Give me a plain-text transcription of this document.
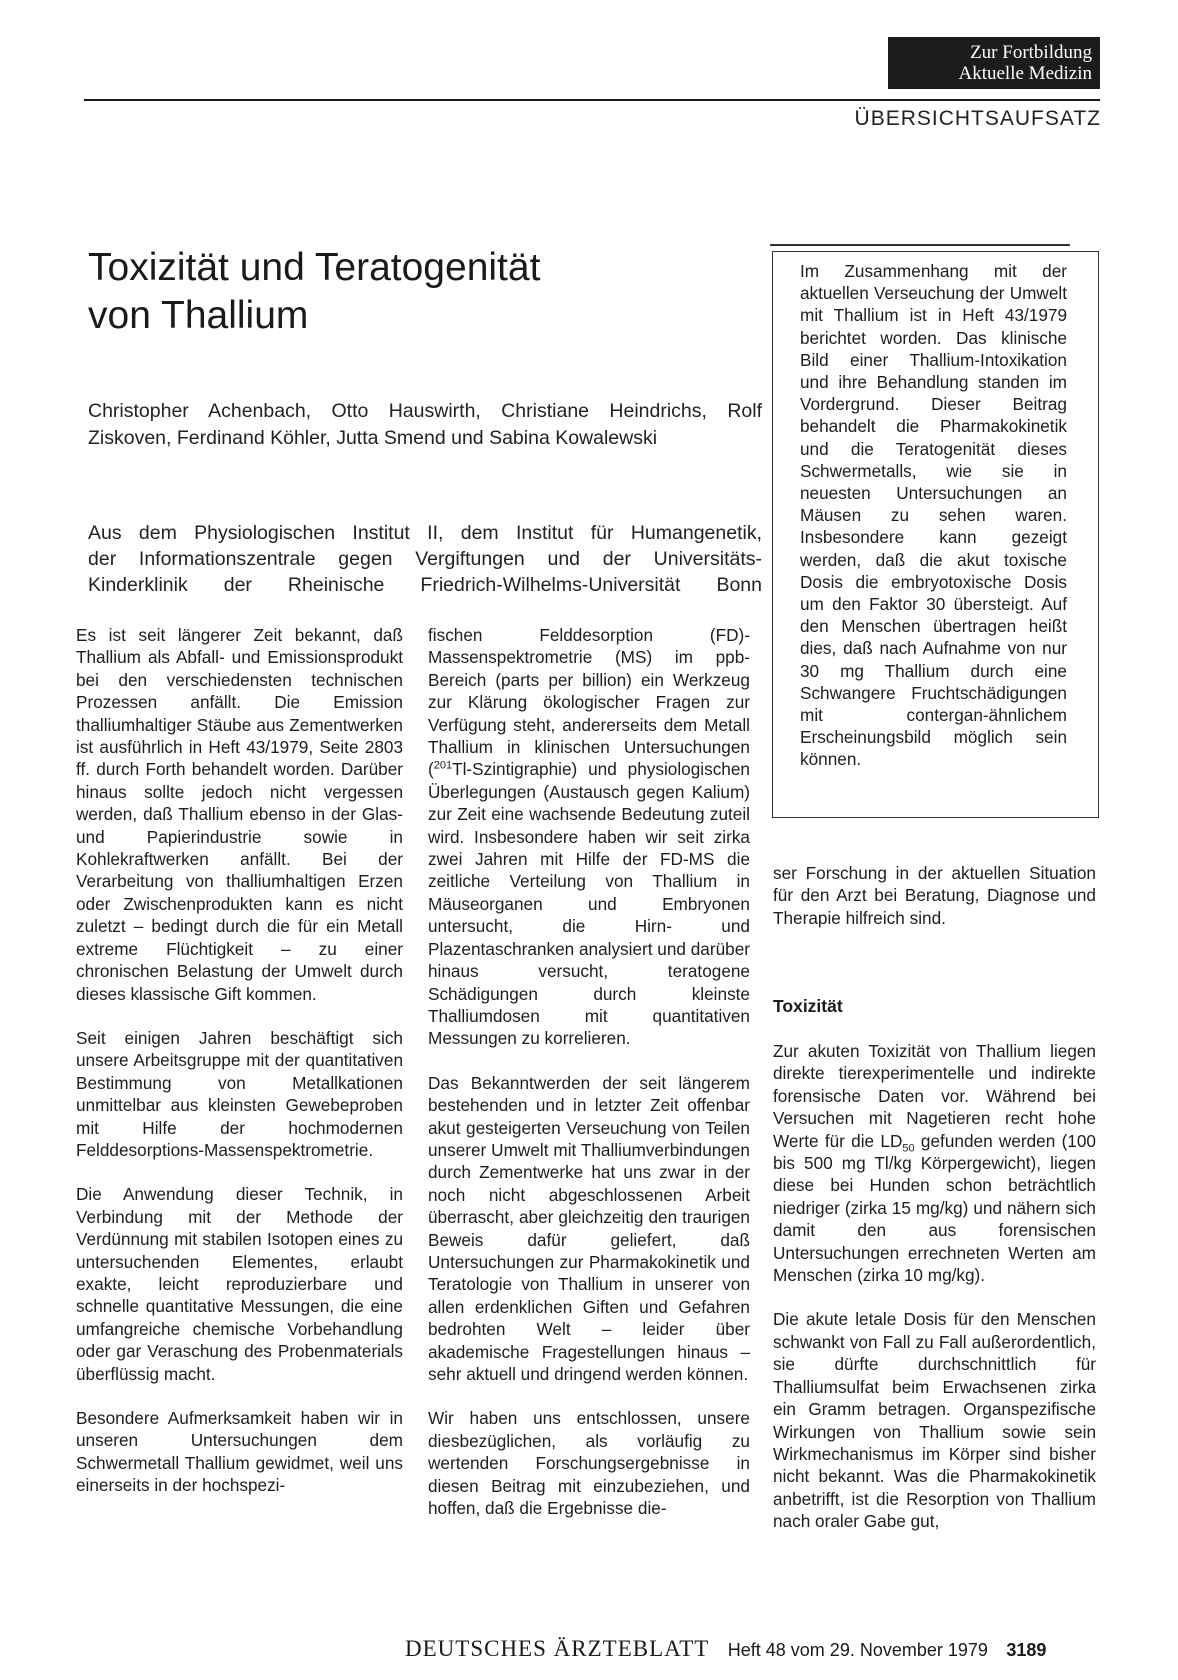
Zur Fortbildung
Aktuelle Medizin
ÜBERSICHTSAUFSATZ
Toxizität und Teratogenität
von Thallium
Christopher Achenbach, Otto Hauswirth, Christiane Heindrichs, Rolf
Ziskoven, Ferdinand Köhler, Jutta Smend und Sabina Kowalewski
Aus dem Physiologischen Institut II, dem Institut für Humangenetik,
der Informationszentrale gegen Vergiftungen und der Universitäts-
Kinderklinik der Rheinische Friedrich-Wilhelms-Universität Bonn
Im Zusammenhang mit der aktuellen Verseuchung der Umwelt mit Thallium ist in Heft 43/1979 berichtet worden. Das klinische Bild einer Thallium-Intoxikation und ihre Behandlung standen im Vordergrund. Dieser Beitrag behandelt die Pharmakokinetik und die Teratogenität dieses Schwermetalls, wie sie in neuesten Untersuchungen an Mäusen zu sehen waren. Insbesondere kann gezeigt werden, daß die akut toxische Dosis die embryotoxische Dosis um den Faktor 30 übersteigt. Auf den Menschen übertragen heißt dies, daß nach Aufnahme von nur 30 mg Thallium durch eine Schwangere Fruchtschädigungen mit contergan-ähnlichem Erscheinungsbild möglich sein können.

Es ist seit längerer Zeit bekannt, daß Thallium als Abfall- und Emissionsprodukt bei den verschiedensten technischen Prozessen anfällt. Die Emission thalliumhaltiger Stäube aus Zementwerken ist ausführlich in Heft 43/1979, Seite 2803 ff. durch Forth behandelt worden. Darüber hinaus sollte jedoch nicht vergessen werden, daß Thallium ebenso in der Glas- und Papierindustrie sowie in Kohlekraftwerken anfällt. Bei der Verarbeitung von thalliumhaltigen Erzen oder Zwischenprodukten kann es nicht zuletzt – bedingt durch die für ein Metall extreme Flüchtigkeit – zu einer chronischen Belastung der Umwelt durch dieses klassische Gift kommen.

Seit einigen Jahren beschäftigt sich unsere Arbeitsgruppe mit der quantitativen Bestimmung von Metallkationen unmittelbar aus kleinsten Gewebeproben mit Hilfe der hochmodernen Felddesorptions-Massenspektrometrie.

Die Anwendung dieser Technik, in Verbindung mit der Methode der Verdünnung mit stabilen Isotopen eines zu untersuchenden Elementes, erlaubt exakte, leicht reproduzierbare und schnelle quantitative Messungen, die eine umfangreiche chemische Vorbehandlung oder gar Veraschung des Probenmaterials überflüssig macht.

Besondere Aufmerksamkeit haben wir in unseren Untersuchungen dem Schwermetall Thallium gewidmet, weil uns einerseits in der hochspezi-

fischen Felddesorption (FD)-Massenspektrometrie (MS) im ppb-Bereich (parts per billion) ein Werkzeug zur Klärung ökologischer Fragen zur Verfügung steht, andererseits dem Metall Thallium in klinischen Untersuchungen ($^{201}$Tl-Szintigraphie) und physiologischen Überlegungen (Austausch gegen Kalium) zur Zeit eine wachsende Bedeutung zuteil wird. Insbesondere haben wir seit zirka zwei Jahren mit Hilfe der FD-MS die zeitliche Verteilung von Thallium in Mäuseorganen und Embryonen untersucht, die Hirn- und Plazentaschranken analysiert und darüber hinaus versucht, teratogene Schädigungen durch kleinste Thalliumdosen mit quantitativen Messungen zu korrelieren.

Das Bekanntwerden der seit längerem bestehenden und in letzter Zeit offenbar akut gesteigerten Verseuchung von Teilen unserer Umwelt mit Thalliumverbindungen durch Zementwerke hat uns zwar in der noch nicht abgeschlossenen Arbeit überrascht, aber gleichzeitig den traurigen Beweis dafür geliefert, daß Untersuchungen zur Pharmakokinetik und Teratologie von Thallium in unserer von allen erdenklichen Giften und Gefahren bedrohten Welt – leider über akademische Fragestellungen hinaus – sehr aktuell und dringend werden können.

Wir haben uns entschlossen, unsere diesbezüglichen, als vorläufig zu wertenden Forschungsergebnisse in diesen Beitrag mit einzubeziehen, und hoffen, daß die Ergebnisse die-

ser Forschung in der aktuellen Situation für den Arzt bei Beratung, Diagnose und Therapie hilfreich sind.

Toxizität

Zur akuten Toxizität von Thallium liegen direkte tierexperimentelle und indirekte forensische Daten vor. Während bei Versuchen mit Nagetieren recht hohe Werte für die $LD_{50}$ gefunden werden (100 bis 500 mg Tl/kg Körpergewicht), liegen diese bei Hunden schon beträchtlich niedriger (zirka 15 mg/kg) und nähern sich damit den aus forensischen Untersuchungen errechneten Werten am Menschen (zirka 10 mg/kg).

Die akute letale Dosis für den Menschen schwankt von Fall zu Fall außerordentlich, sie dürfte durchschnittlich für Thalliumsulfat beim Erwachsenen zirka ein Gramm betragen. Organspezifische Wirkungen von Thallium sowie sein Wirkmechanismus im Körper sind bisher nicht bekannt. Was die Pharmakokinetik anbetrifft, ist die Resorption von Thallium nach oraler Gabe gut,

DEUTSCHES ÄRZTEBLATT Heft 48 vom 29. November 1979 3189
